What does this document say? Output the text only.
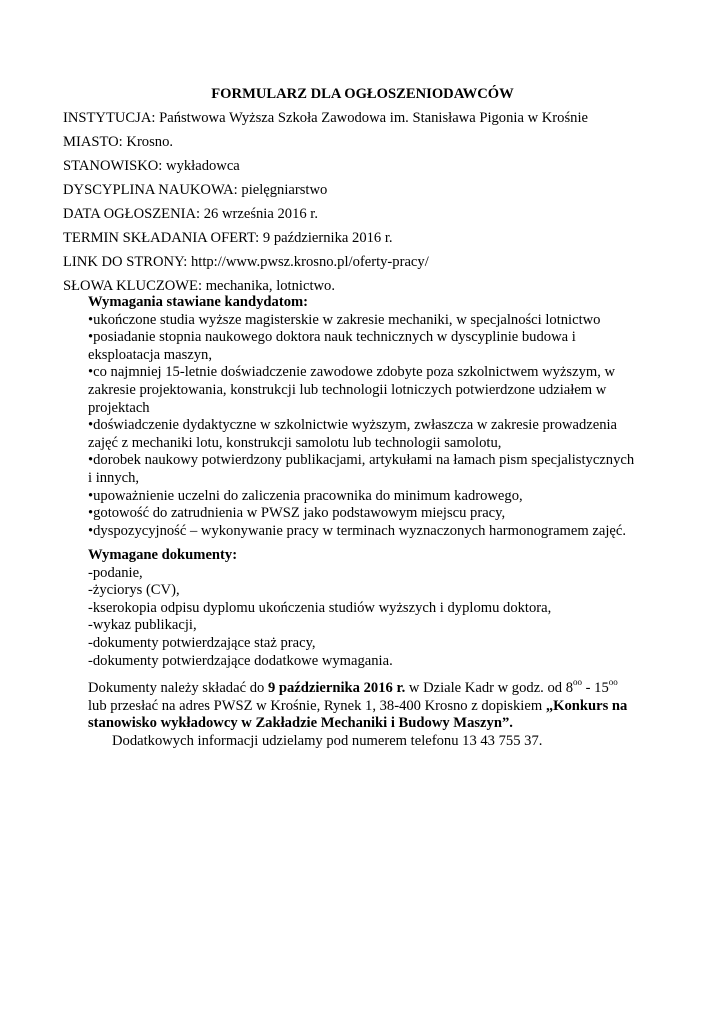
FORMULARZ DLA OGŁOSZENIODAWCÓW
INSTYTUCJA: Państwowa Wyższa Szkoła Zawodowa im. Stanisława Pigonia w Krośnie
MIASTO: Krosno.
STANOWISKO: wykładowca
DYSCYPLINA NAUKOWA: pielęgniarstwo
DATA OGŁOSZENIA: 26 września 2016 r.
TERMIN SKŁADANIA OFERT: 9 października 2016 r.
LINK DO STRONY: http://www.pwsz.krosno.pl/oferty-pracy/
SŁOWA KLUCZOWE: mechanika, lotnictwo.
Wymagania stawiane kandydatom:
•ukończone studia wyższe magisterskie w zakresie mechaniki, w specjalności lotnictwo
•posiadanie stopnia naukowego doktora nauk technicznych w dyscyplinie budowa i
eksploatacja maszyn,
•co najmniej 15-letnie doświadczenie zawodowe zdobyte poza szkolnictwem wyższym, w
zakresie projektowania, konstrukcji lub technologii lotniczych potwierdzone udziałem w
projektach
•doświadczenie dydaktyczne w szkolnictwie wyższym, zwłaszcza w zakresie prowadzenia
zajęć z mechaniki lotu, konstrukcji samolotu lub technologii samolotu,
•dorobek naukowy potwierdzony publikacjami, artykułami na łamach pism specjalistycznych
i innych,
•upoważnienie uczelni do zaliczenia pracownika do minimum kadrowego,
•gotowość do zatrudnienia w PWSZ jako podstawowym miejscu pracy,
•dyspozycyjność – wykonywanie pracy w terminach wyznaczonych harmonogramem zajęć.
Wymagane dokumenty:
-podanie,
-życiorys (CV),
-kserokopia odpisu dyplomu ukończenia studiów wyższych i dyplomu doktora,
-wykaz publikacji,
-dokumenty potwierdzające staż pracy,
-dokumenty potwierdzające dodatkowe wymagania.
Dokumenty należy składać do 9 października 2016 r. w Dziale Kadr w godz. od $8^{oo} - 15^{oo}$
lub przesłać na adres PWSZ w Krośnie, Rynek 1, 38-400 Krosno z dopiskiem „Konkurs na
stanowisko wykładowcy w Zakładzie Mechaniki i Budowy Maszyn”.
Dodatkowych informacji udzielamy pod numerem telefonu 13 43 755 37.
